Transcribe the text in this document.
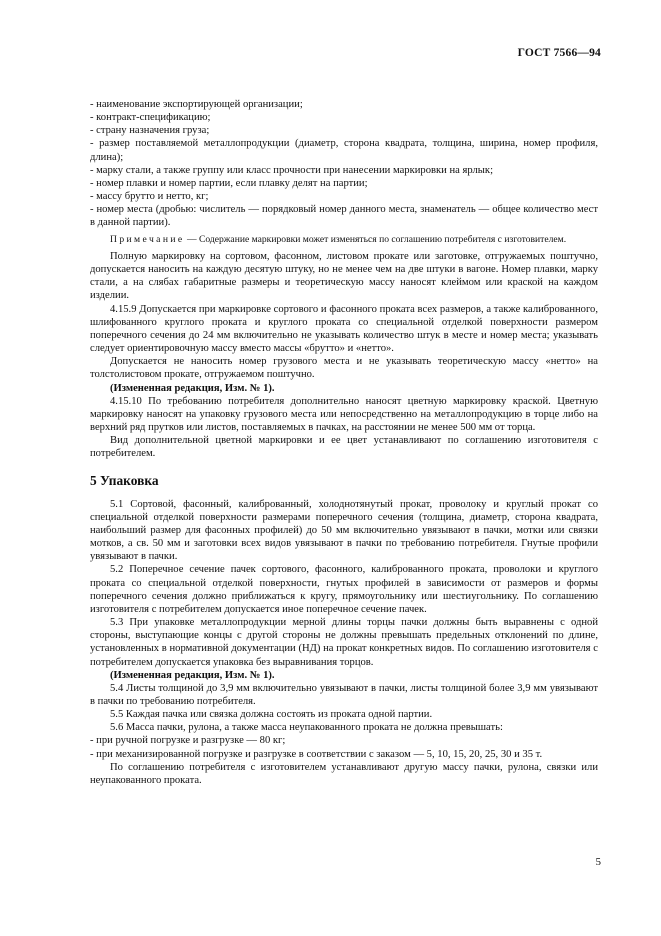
ГОСТ 7566—94

- наименование экспортирующей организации;

- контракт-спецификацию;

- страну назначения груза;

- размер поставляемой металлопродукции (диаметр, сторона квадрата, толщина, ширина, номер профиля, длина);

- марку стали, а также группу или класс прочности при нанесении маркировки на ярлык;

- номер плавки и номер партии, если плавку делят на партии;

- массу брутто и нетто, кг;

- номер места (дробью: числитель — порядковый номер данного места, знаменатель — общее количество мест в данной партии).

Примечание — Содержание маркировки может изменяться по соглашению потребителя с изготовителем.

Полную маркировку на сортовом, фасонном, листовом прокате или заготовке, отгружаемых поштучно, допускается наносить на каждую десятую штуку, но не менее чем на две штуки в вагоне. Номер плавки, марку стали, а на слябах габаритные размеры и теоретическую массу наносят клеймом или краской на каждом изделии.

4.15.9 Допускается при маркировке сортового и фасонного проката всех размеров, а также калиброванного, шлифованного круглого проката и круглого проката со специальной отделкой поверхности размером поперечного сечения до 24 мм включительно не указывать количество штук в месте и номер места; указывать следует ориентировочную массу вместо массы «брутто» и «нетто».

Допускается не наносить номер грузового места и не указывать теоретическую массу «нетто» на толстолистовом прокате, отгружаемом поштучно.

(Измененная редакция, Изм. № 1).

4.15.10 По требованию потребителя дополнительно наносят цветную маркировку краской. Цветную маркировку наносят на упаковку грузового места или непосредственно на металлопродукцию в торце либо на верхний ряд прутков или листов, поставляемых в пачках, на расстоянии не менее 500 мм от торца.

Вид дополнительной цветной маркировки и ее цвет устанавливают по соглашению изготовителя с потребителем.

5 Упаковка

5.1 Сортовой, фасонный, калиброванный, холоднотянутый прокат, проволоку и круглый прокат со специальной отделкой поверхности размерами поперечного сечения (толщина, диаметр, сторона квадрата, наибольший размер для фасонных профилей) до 50 мм включительно увязывают в пачки, мотки или связки мотков, а св. 50 мм и заготовки всех видов увязывают в пачки по требованию потребителя. Гнутые профили увязывают в пачки.

5.2 Поперечное сечение пачек сортового, фасонного, калиброванного проката, проволоки и круглого проката со специальной отделкой поверхности, гнутых профилей в зависимости от размеров и формы поперечного сечения должно приближаться к кругу, прямоугольнику или шестиугольнику. По соглашению изготовителя с потребителем допускается иное поперечное сечение пачек.

5.3 При упаковке металлопродукции мерной длины торцы пачки должны быть выравнены с одной стороны, выступающие концы с другой стороны не должны превышать предельных отклонений по длине, установленных в нормативной документации (НД) на прокат конкретных видов. По соглашению изготовителя с потребителем допускается упаковка без выравнивания торцов.

(Измененная редакция, Изм. № 1).

5.4 Листы толщиной до 3,9 мм включительно увязывают в пачки, листы толщиной более 3,9 мм увязывают в пачки по требованию потребителя.

5.5 Каждая пачка или связка должна состоять из проката одной партии.

5.6 Масса пачки, рулона, а также масса неупакованного проката не должна превышать:

- при ручной погрузке и разгрузке — 80 кг;

- при механизированной погрузке и разгрузке в соответствии с заказом — 5, 10, 15, 20, 25, 30 и 35 т.

По соглашению потребителя с изготовителем устанавливают другую массу пачки, рулона, связки или неупакованного проката.

5
